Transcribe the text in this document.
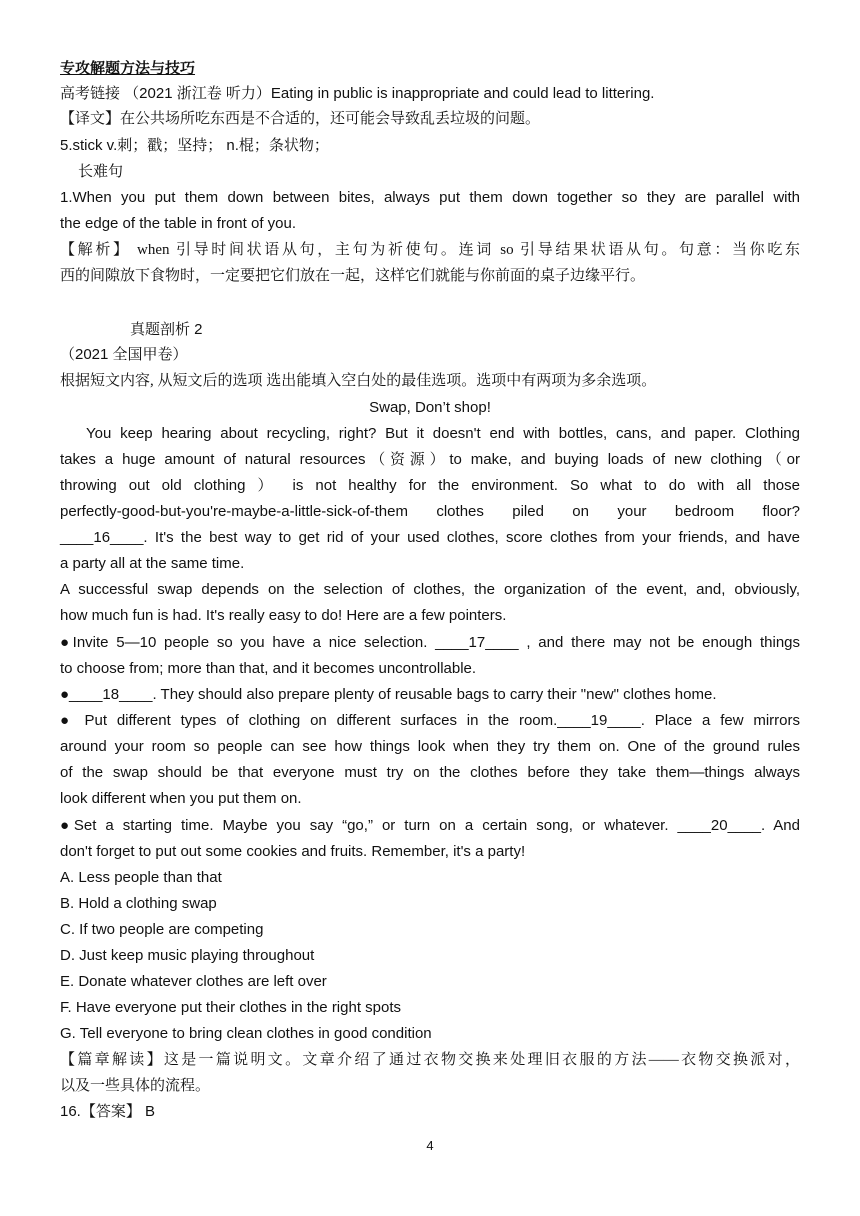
专攻解题方法与技巧
高考链接 （2021 浙江卷 听力）Eating in public is inappropriate and could lead to littering.
【译文】在公共场所吃东西是不合适的，还可能会导致乱丢垃圾的问题。
5.stick v.刺；戳；坚持； n.棍；条状物；
长难句
1.When you put them down between bites, always put them down together so they are parallel with
the edge of the table in front of you.
【解析】 when 引导时间状语从句，主句为祈使句。连词 so 引导结果状语从句。句意：当你吃东
西的间隙放下食物时，一定要把它们放在一起，这样它们就能与你前面的桌子边缘平行。
真题剖析 2
（2021 全国甲卷）
根据短文内容, 从短文后的选项 选出能填入空白处的最佳选项。选项中有两项为多余选项。
Swap, Don’t shop!
You keep hearing about recycling, right? But it doesn't end with bottles, cans, and paper. Clothing
takes a huge amount of natural resources（资源）to make, and buying loads of new clothing（or
throwing out old clothing ） is not healthy for the environment. So what to do with all those
perfectly-good-but-you're-maybe-a-little-sick-of-them clothes piled on your bedroom floor?
____16____. It's the best way to get rid of your used clothes, score clothes from your friends, and have
a party all at the same time.
A successful swap depends on the selection of clothes, the organization of the event, and, obviously,
how much fun is had. It's really easy to do! Here are a few pointers.
●Invite 5—10 people so you have a nice selection. ____17____ , and there may not be enough things
to choose from; more than that, and it becomes uncontrollable.
●____18____. They should also prepare plenty of reusable bags to carry their "new" clothes home.
● Put different types of clothing on different surfaces in the room.____19____. Place a few mirrors
around your room so people can see how things look when they try them on. One of the ground rules
of the swap should be that everyone must try on the clothes before they take them—things always
look different when you put them on.
●Set a starting time. Maybe you say “go,” or turn on a certain song, or whatever. ____20____. And
don't forget to put out some cookies and fruits. Remember, it's a party!
A. Less people than that
B. Hold a clothing swap
C. If two people are competing
D. Just keep music playing throughout
E. Donate whatever clothes are left over
F. Have everyone put their clothes in the right spots
G. Tell everyone to bring clean clothes in good condition
【篇章解读】这是一篇说明文。文章介绍了通过衣物交换来处理旧衣服的方法——衣物交换派对，
以及一些具体的流程。
16.【答案】 B
4
